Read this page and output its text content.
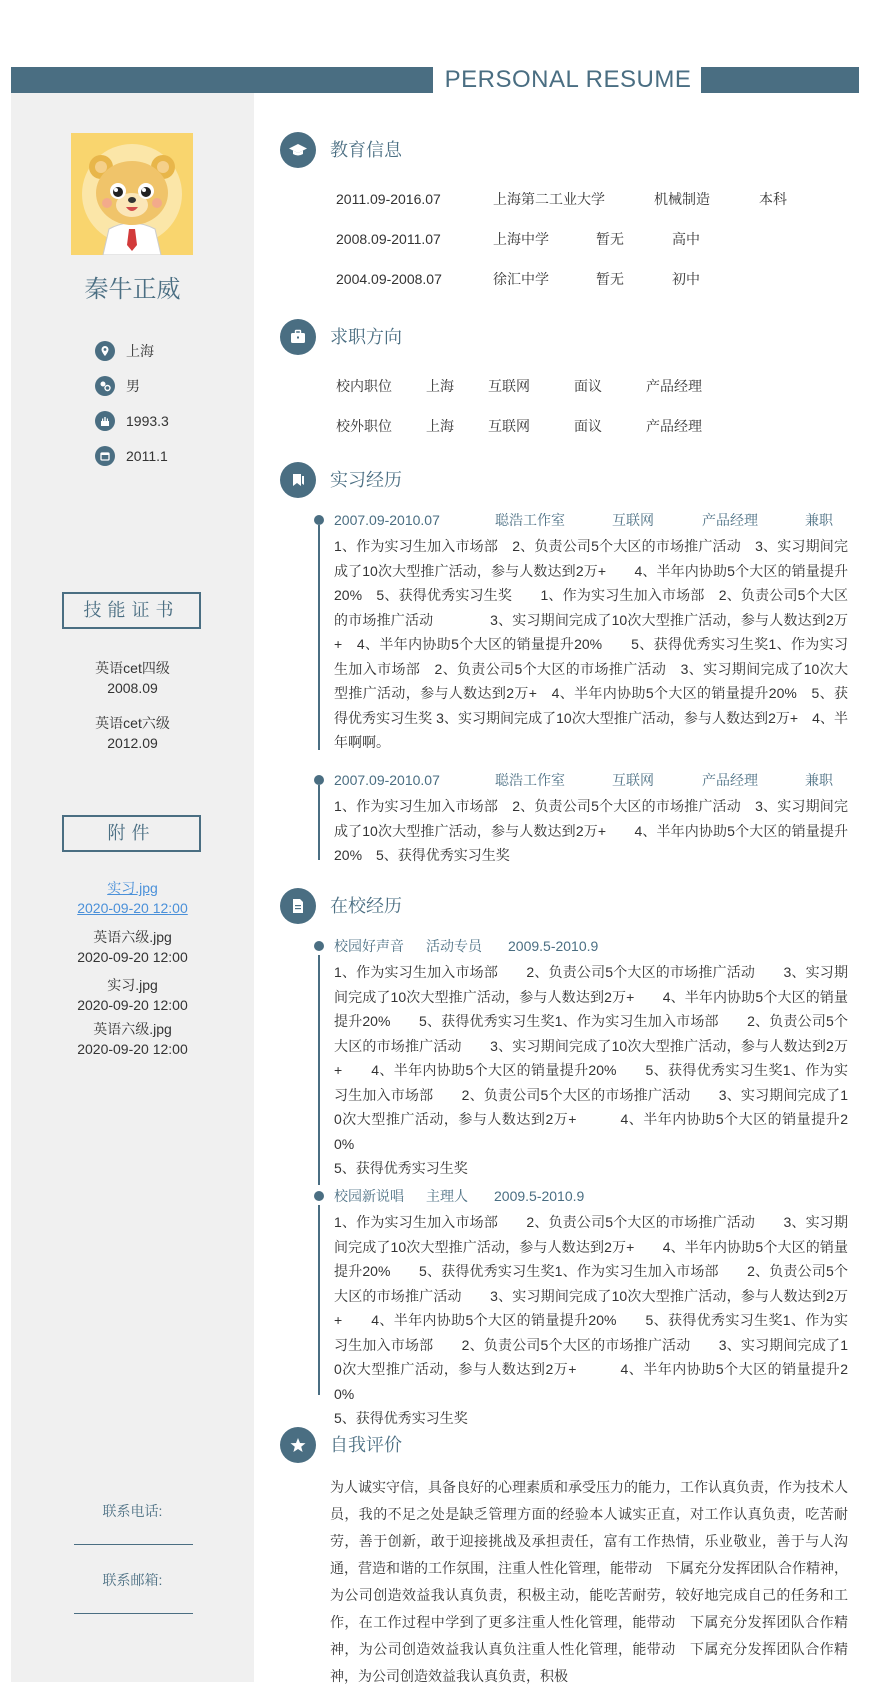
PERSONAL RESUME
秦牛正威
上海
男
1993.3
2011.1
技能证书
英语cet四级
2008.09
英语cet六级
2012.09
附件
实习.jpg
2020-09-20 12:00
英语六级.jpg
2020-09-20 12:00
实习.jpg
2020-09-20 12:00
英语六级.jpg
2020-09-20 12:00
联系电话:
联系邮箱:
教育信息
2011.09-2016.07	上海第二工业大学	机械制造	本科
2008.09-2011.07	上海中学	暂无	高中
2004.09-2008.07	徐汇中学	暂无	初中
求职方向
校内职位 上海 互联网	面议	产品经理
校外职位 上海 互联网	面议	产品经理
实习经历
2007.09-2010.07	聪浩工作室	互联网	产品经理	兼职
1、作为实习生加入市场部　2、负责公司5个大区的市场推广活动　3、实习期间完成了10次大型推广活动，参与人数达到2万+　　4、半年内协助5个大区的销量提升20%　5、获得优秀实习生奖　　1、作为实习生加入市场部　2、负责公司5个大区的市场推广活动　　　　3、实习期间完成了10次大型推广活动，参与人数达到2万+　4、半年内协助5个大区的销量提升20%　　5、获得优秀实习生奖1、作为实习生加入市场部　2、负责公司5个大区的市场推广活动　3、实习期间完成了10次大型推广活动，参与人数达到2万+　4、半年内协助5个大区的销量提升20%　5、获得优秀实习生奖 3、实习期间完成了10次大型推广活动，参与人数达到2万+　4、半年啊啊。
2007.09-2010.07	聪浩工作室	互联网	产品经理	兼职
1、作为实习生加入市场部　2、负责公司5个大区的市场推广活动　3、实习期间完成了10次大型推广活动，参与人数达到2万+　　4、半年内协助5个大区的销量提升20%　5、获得优秀实习生奖
在校经历
校园好声音 活动专员 2009.5-2010.9
1、作为实习生加入市场部　　2、负责公司5个大区的市场推广活动　　3、实习期间完成了10次大型推广活动，参与人数达到2万+　　4、半年内协助5个大区的销量提升20%　　5、获得优秀实习生奖1、作为实习生加入市场部　　2、负责公司5个大区的市场推广活动　　3、实习期间完成了10次大型推广活动，参与人数达到2万+　　4、半年内协助5个大区的销量提升20%　　5、获得优秀实习生奖1、作为实习生加入市场部　　2、负责公司5个大区的市场推广活动　　3、实习期间完成了10次大型推广活动，参与人数达到2万+　　　4、半年内协助5个大区的销量提升20%
5、获得优秀实习生奖
校园新说唱 主理人 2009.5-2010.9
1、作为实习生加入市场部　　2、负责公司5个大区的市场推广活动　　3、实习期间完成了10次大型推广活动，参与人数达到2万+　　4、半年内协助5个大区的销量提升20%　　5、获得优秀实习生奖1、作为实习生加入市场部　　2、负责公司5个大区的市场推广活动　　3、实习期间完成了10次大型推广活动，参与人数达到2万+　　4、半年内协助5个大区的销量提升20%　　5、获得优秀实习生奖1、作为实习生加入市场部　　2、负责公司5个大区的市场推广活动　　3、实习期间完成了10次大型推广活动，参与人数达到2万+　　　4、半年内协助5个大区的销量提升20%
5、获得优秀实习生奖
自我评价
为人诚实守信，具备良好的心理素质和承受压力的能力，工作认真负责，作为技术人　员，我的不足之处是缺乏管理方面的经验本人诚实正直，对工作认真负责，吃苦耐劳，善于创新，敢于迎接挑战及承担责任，富有工作热情，乐业敬业，善于与人沟通，营造和谐的工作氛围，注重人性化管理，能带动　下属充分发挥团队合作精神，为公司创造效益我认真负责，积极主动，能吃苦耐劳，较好地完成自己的任务和工作，在工作过程中学到了更多注重人性化管理，能带动　下属充分发挥团队合作精神，为公司创造效益我认真负注重人性化管理，能带动　下属充分发挥团队合作精神，为公司创造效益我认真负责，积极
